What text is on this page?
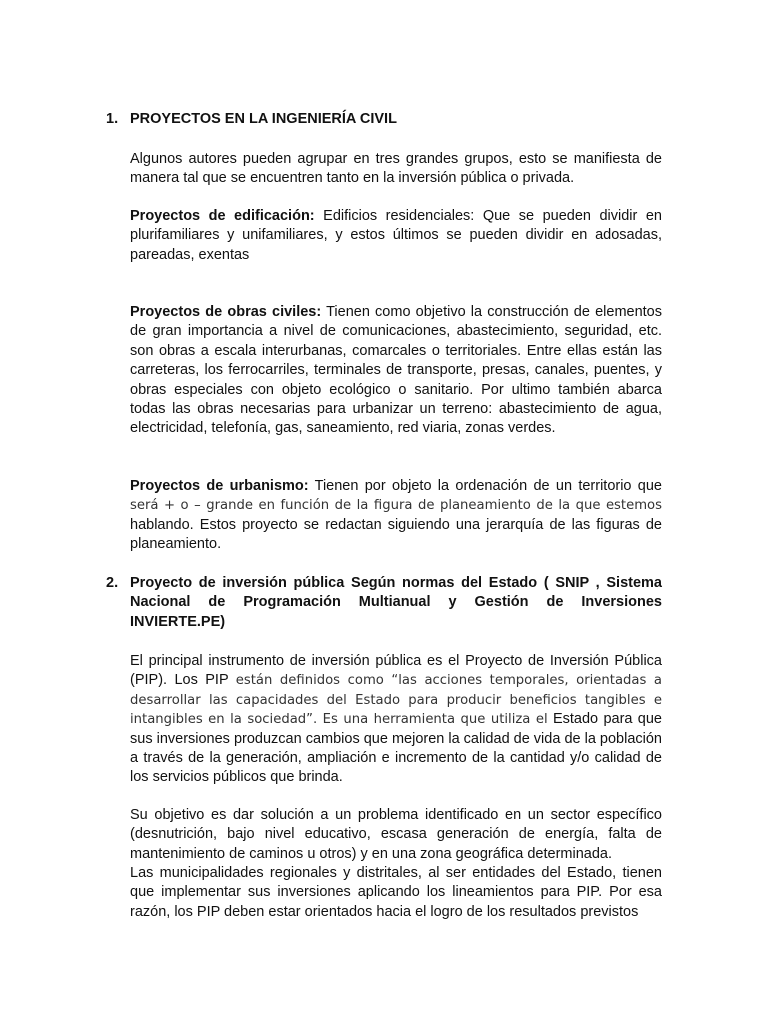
1. PROYECTOS EN LA INGENIERÍA CIVIL

Algunos autores pueden agrupar en tres grandes grupos, esto se manifiesta de manera tal que se encuentren tanto en la inversión pública o privada.

Proyectos de edificación: Edificios residenciales: Que se pueden dividir en plurifamiliares y unifamiliares, y estos últimos se pueden dividir en adosadas, pareadas, exentas

Proyectos de obras civiles: Tienen como objetivo la construcción de elementos de gran importancia a nivel de comunicaciones, abastecimiento, seguridad, etc. son obras a escala interurbanas, comarcales o territoriales. Entre ellas están las carreteras, los ferrocarriles, terminales de transporte, presas, canales, puentes, y obras especiales con objeto ecológico o sanitario. Por ultimo también abarca todas las obras necesarias para urbanizar un terreno: abastecimiento de agua, electricidad, telefonía, gas, saneamiento, red viaria, zonas verdes.

Proyectos de urbanismo: Tienen por objeto la ordenación de un territorio que será + o – grande en función de la figura de planeamiento de la que estemos hablando. Estos proyecto se redactan siguiendo una jerarquía de las figuras de planeamiento.

2. Proyecto de inversión pública Según normas del Estado ( SNIP , Sistema Nacional de Programación Multianual y Gestión de Inversiones INVIERTE.PE)

El principal instrumento de inversión pública es el Proyecto de Inversión Pública (PIP). Los PIP están definidos como “las acciones temporales, orientadas a desarrollar las capacidades del Estado para producir beneficios tangibles e intangibles en la sociedad”. Es una herramienta que utiliza el Estado para que sus inversiones produzcan cambios que mejoren la calidad de vida de la población a través de la generación, ampliación e incremento de la cantidad y/o calidad de los servicios públicos que brinda.

Su objetivo es dar solución a un problema identificado en un sector específico (desnutrición, bajo nivel educativo, escasa generación de energía, falta de mantenimiento de caminos u otros) y en una zona geográfica determinada.

Las municipalidades regionales y distritales, al ser entidades del Estado, tienen que implementar sus inversiones aplicando los lineamientos para PIP. Por esa razón, los PIP deben estar orientados hacia el logro de los resultados previstos
